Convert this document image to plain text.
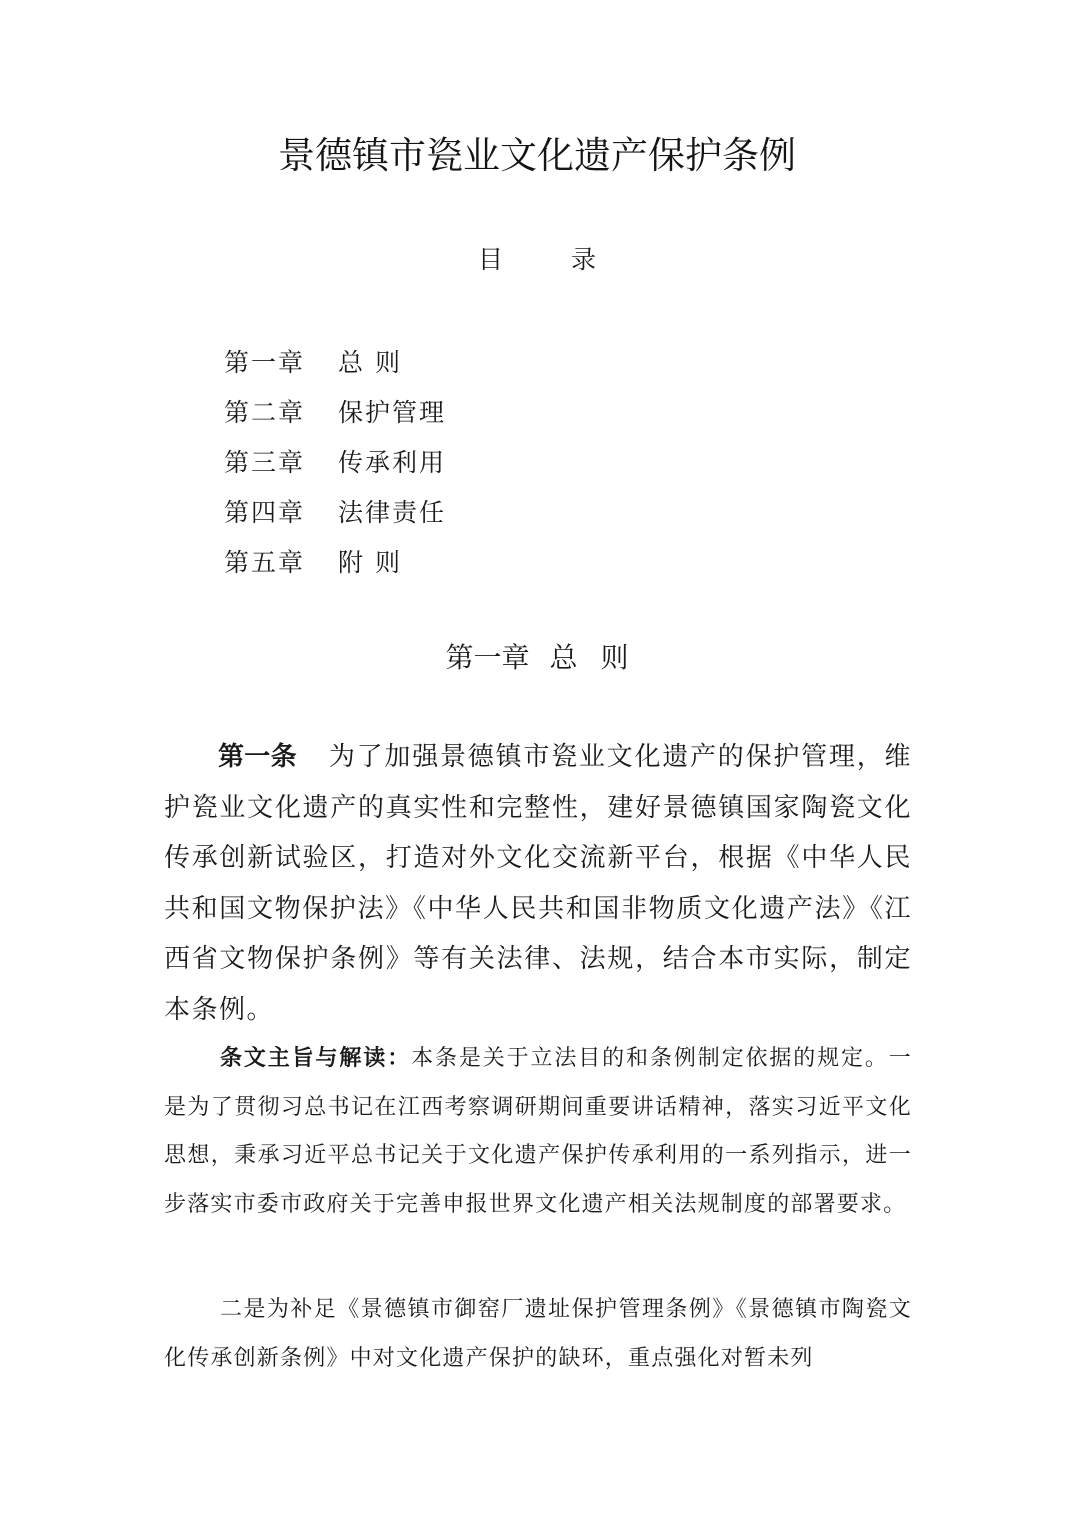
景德镇市瓷业文化遗产保护条例
目 录
第一章	总 则
第二章	保护管理
第三章	传承利用
第四章	法律责任
第五章	附 则
第一章 总 则

第一条 为了加强景德镇市瓷业文化遗产的保护管理，维护瓷业文化遗产的真实性和完整性，建好景德镇国家陶瓷文化传承创新试验区，打造对外文化交流新平台，根据《中华人民共和国文物保护法》《中华人民共和国非物质文化遗产法》《江西省文物保护条例》等有关法律、法规，结合本市实际，制定本条例。

条文主旨与解读：本条是关于立法目的和条例制定依据的规定。一是为了贯彻习总书记在江西考察调研期间重要讲话精神，落实习近平文化思想，秉承习近平总书记关于文化遗产保护传承利用的一系列指示，进一步落实市委市政府关于完善申报世界文化遗产相关法规制度的部署要求。

二是为补足《景德镇市御窑厂遗址保护管理条例》《景德镇市陶瓷文化传承创新条例》中对文化遗产保护的缺环，重点强化对暂未列
